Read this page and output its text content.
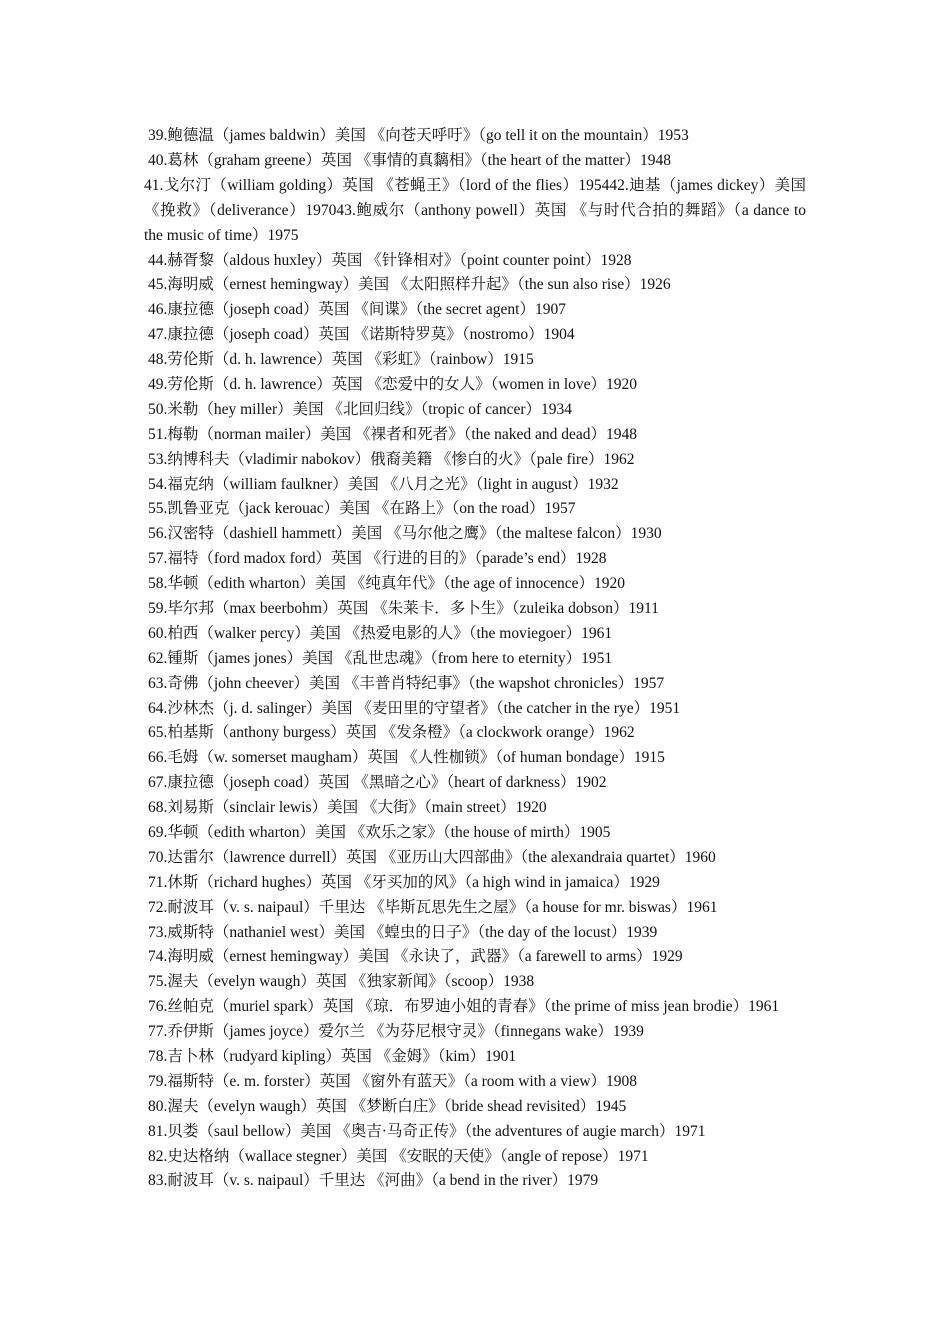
39.鲍德温（james baldwin）美国 《向苍天呼吁》（go tell it on the mountain）1953
40.葛林（graham greene）英国 《事情的真黐相》（the heart of the matter）1948
41.戈尔汀（william golding）英国 《苍蝇王》（lord of the flies）195442.迪基（james dickey）美国 《挽救》（deliverance）197043.鲍威尔（anthony powell）英国 《与时代合拍的舞蹈》（a dance to the music of time）1975
44.赫胥黎（aldous huxley）英国 《针锋相对》（point counter point）1928
45.海明威（ernest hemingway）美国 《太阳照样升起》（the sun also rise）1926
46.康拉德（joseph coad）英国 《间谍》（the secret agent）1907
47.康拉德（joseph coad）英国 《诺斯特罗莫》（nostromo）1904
48.劳伦斯（d. h. lawrence）英国 《彩虹》（rainbow）1915
49.劳伦斯（d. h. lawrence）英国 《恋爱中的女人》（women in love）1920
50.米勒（hey miller）美国 《北回归线》（tropic of cancer）1934
51.梅勒（norman mailer）美国 《裸者和死者》（the naked and dead）1948
53.纳博科夫（vladimir nabokov）俄裔美籍 《惨白的火》（pale fire）1962
54.福克纳（william faulkner）美国 《八月之光》（light in august）1932
55.凯鲁亚克（jack kerouac）美国 《在路上》（on the road）1957
56.汉密特（dashiell hammett）美国 《马尔他之鹰》（the maltese falcon）1930
57.福特（ford madox ford）英国 《行进的目的》（parade’s end）1928
58.华顿（edith wharton）美国 《纯真年代》（the age of innocence）1920
59.毕尔邦（max beerbohm）英国 《朱莱卡．多卜生》（zuleika dobson）1911
60.柏西（walker percy）美国 《热爱电影的人》（the moviegoer）1961
62.锺斯（james jones）美国 《乱世忠魂》（from here to eternity）1951
63.奇佛（john cheever）美国 《丰普肖特纪事》（the wapshot chronicles）1957
64.沙林杰（j. d. salinger）美国 《麦田里的守望者》（the catcher in the rye）1951
65.柏基斯（anthony burgess）英国 《发条橙》（a clockwork orange）1962
66.毛姆（w. somerset maugham）英国 《人性枷锁》（of human bondage）1915
67.康拉德（joseph coad）英国 《黑暗之心》（heart of darkness）1902
68.刘易斯（sinclair lewis）美国 《大街》（main street）1920
69.华顿（edith wharton）美国 《欢乐之家》（the house of mirth）1905
70.达雷尔（lawrence durrell）英国 《亚历山大四部曲》（the alexandraia quartet）1960
71.休斯（richard hughes）英国 《牙买加的风》（a high wind in jamaica）1929
72.耐波耳（v. s. naipaul）千里达 《毕斯瓦思先生之屋》（a house for mr. biswas）1961
73.威斯特（nathaniel west）美国 《蝗虫的日子》（the day of the locust）1939
74.海明威（ernest hemingway）美国 《永诀了，武器》（a farewell to arms）1929
75.渥夫（evelyn waugh）英国 《独家新闻》（scoop）1938
76.丝帕克（muriel spark）英国 《琼．布罗迪小姐的青春》（the prime of miss jean brodie）1961
77.乔伊斯（james joyce）爱尔兰 《为芬尼根守灵》（finnegans wake）1939
78.吉卜林（rudyard kipling）英国 《金姆》（kim）1901
79.福斯特（e. m. forster）英国 《窗外有蓝天》（a room with a view）1908
80.渥夫（evelyn waugh）英国 《梦断白庄》（bride shead revisited）1945
81.贝娄（saul bellow）美国 《奥吉·马奇正传》（the adventures of augie march）1971
82.史达格纳（wallace stegner）美国 《安眠的天使》（angle of repose）1971
83.耐波耳（v. s. naipaul）千里达 《河曲》（a bend in the river）1979
